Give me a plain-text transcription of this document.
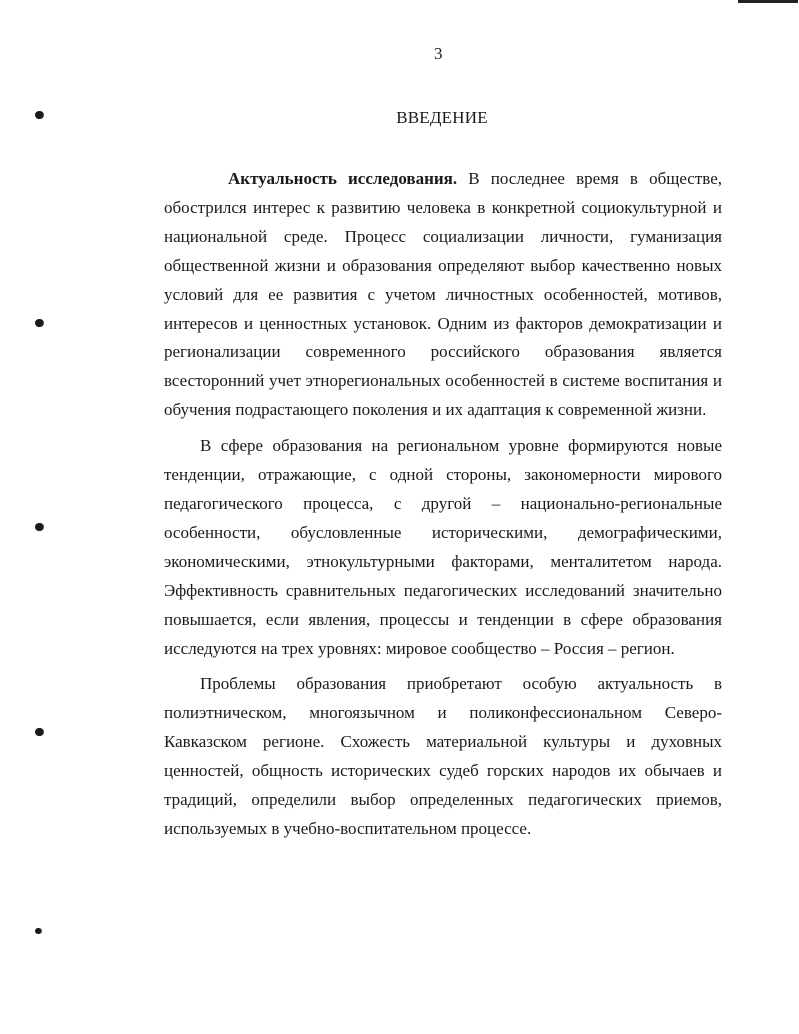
3
ВВЕДЕНИЕ

Актуальность исследования. В последнее время в обществе, обострился интерес к развитию человека в конкретной социокультурной и национальной среде. Процесс социализации личности, гуманизация общественной жизни и образования определяют выбор качественно новых условий для ее развития с учетом личностных особенностей, мотивов, интересов и ценностных установок. Одним из факторов демократизации и регионализации современного российского образования является всесторонний учет этнорегиональных особенностей в системе воспитания и обучения подрастающего поколения и их адаптация к современной жизни.

В сфере образования на региональном уровне формируются новые тенденции, отражающие, с одной стороны, закономерности мирового педагогического процесса, с другой – национально-региональные особенности, обусловленные историческими, демографическими, экономическими, этнокультурными факторами, менталитетом народа. Эффективность сравнительных педагогических исследований значительно повышается, если явления, процессы и тенденции в сфере образования исследуются на трех уровнях: мировое сообщество – Россия – регион.

Проблемы образования приобретают особую актуальность в полиэтническом, многоязычном и поликонфессиональном Северо-Кавказском регионе. Схожесть материальной культуры и духовных ценностей, общность исторических судеб горских народов их обычаев и традиций, определили выбор определенных педагогических приемов, используемых в учебно-воспитательном процессе.
